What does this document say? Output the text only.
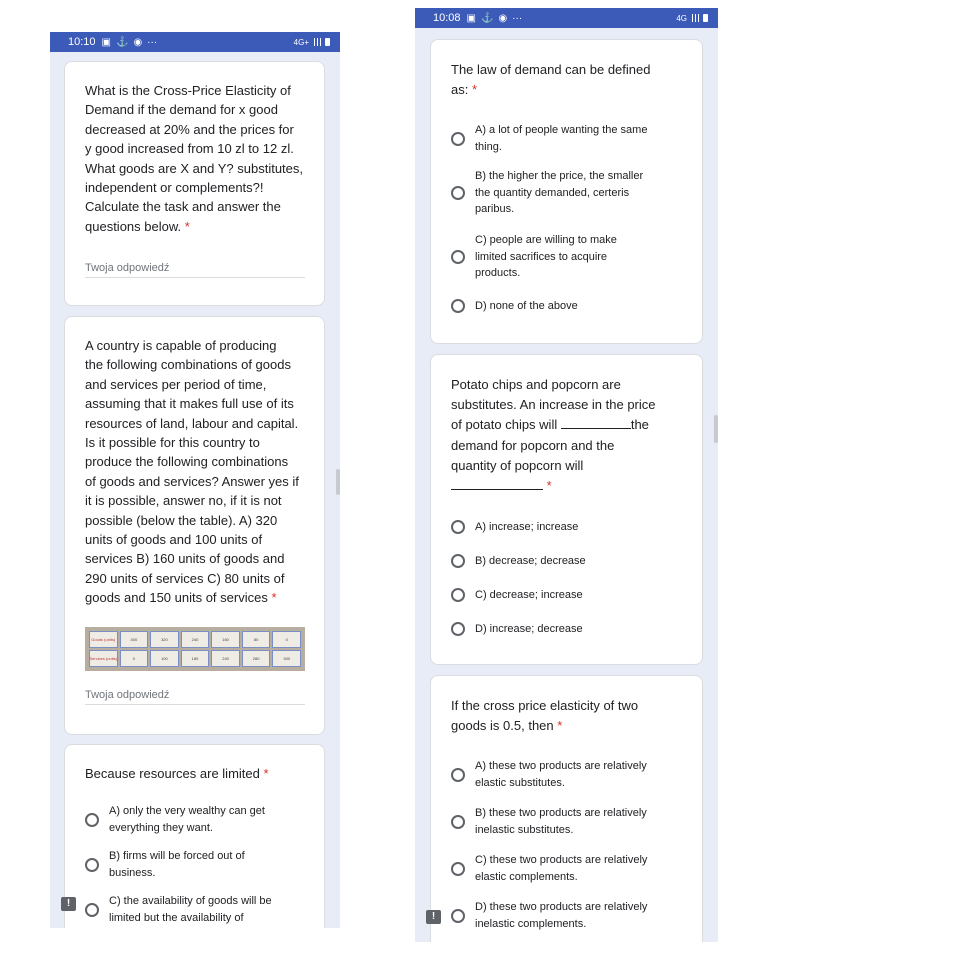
10:10 ▣ ⚓ ◉ ···	4G+
What is the Cross-Price Elasticity of
Demand if the demand for x good
decreased at 20% and the prices for
y good increased from 10 zl to 12 zl.
What goods are X and Y? substitutes,
independent or complements?!
Calculate the task and answer the
questions below. *
Twoja odpowiedź
A country is capable of producing
the following combinations of goods
and services per period of time,
assuming that it makes full use of its
resources of land, labour and capital.
Is it possible for this country to
produce the following combinations
of goods and services? Answer yes if
it is possible, answer no, if it is not
possible (below the table). A) 320
units of goods and 100 units of
services B) 160 units of goods and
290 units of services C) 80 units of
goods and 150 units of services *
Goods (units)	400	320	240	160	80	0
Services (units)	0	100	180	240	280	300
Twoja odpowiedź
Because resources are limited *
A) only the very wealthy can get
everything they want.
B) firms will be forced out of
business.
C) the availability of goods will be
limited but the availability of
!
10:08 ▣ ⚓ ◉ ···	4G
The law of demand can be defined
as: *
A) a lot of people wanting the same
thing.
B) the higher the price, the smaller
the quantity demanded, certeris
paribus.
C) people are willing to make
limited sacrifices to acquire
products.
D) none of the above
Potato chips and popcorn are
substitutes. An increase in the price
of potato chips will	the
demand for popcorn and the
quantity of popcorn will
*
A) increase; increase
B) decrease; decrease
C) decrease; increase
D) increase; decrease
If the cross price elasticity of two
goods is 0.5, then *
A) these two products are relatively
elastic substitutes.
B) these two products are relatively
inelastic substitutes.
C) these two products are relatively
elastic complements.
D) these two products are relatively
inelastic complements.
!
